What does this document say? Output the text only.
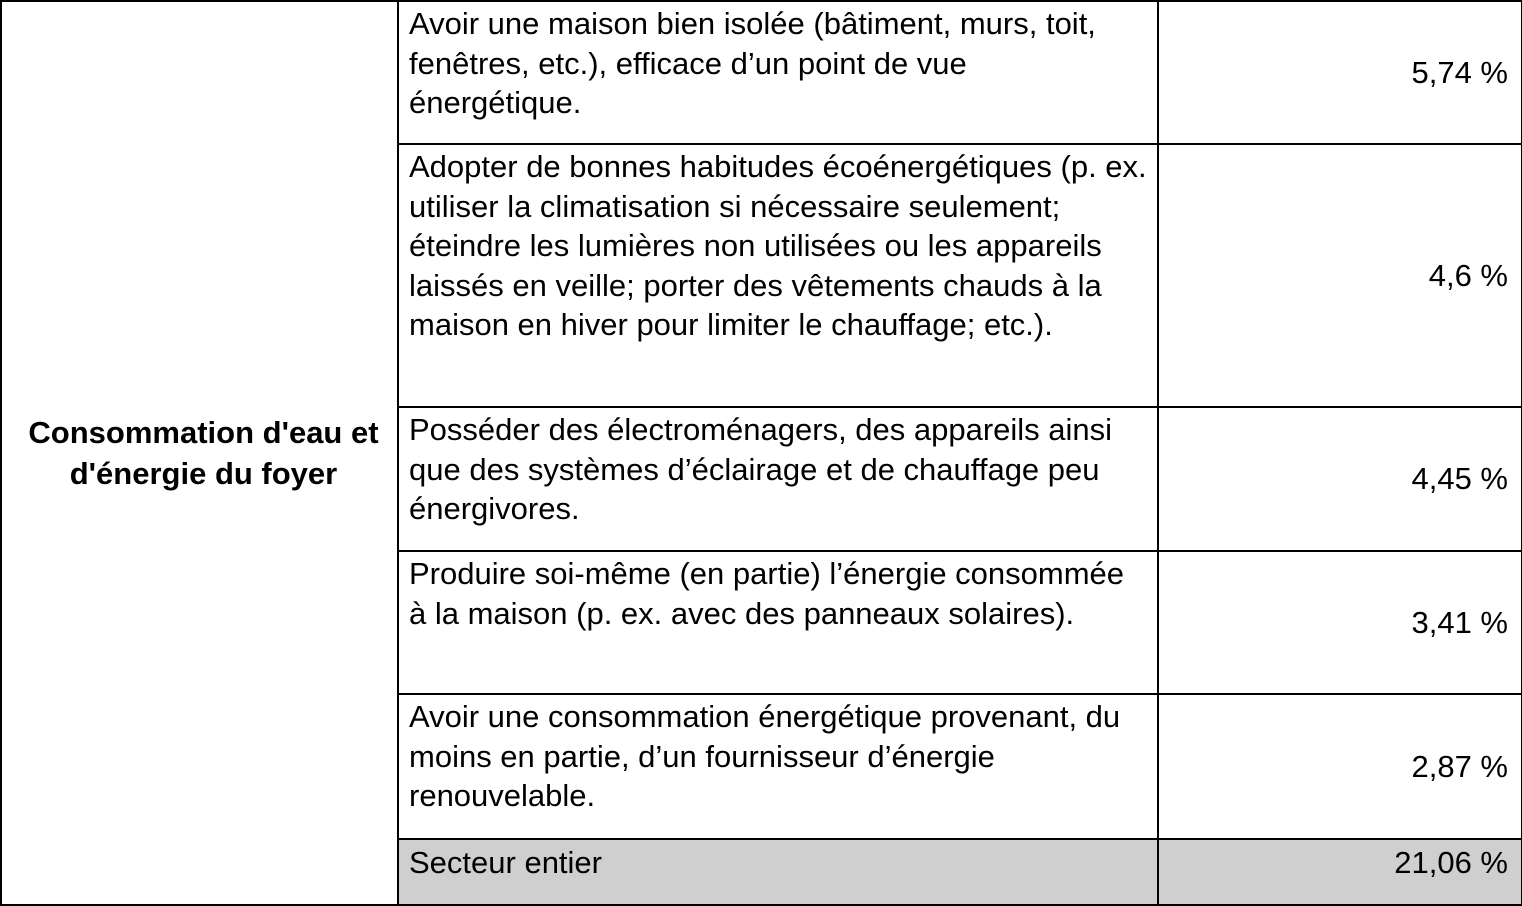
Consommation d'eau et d'énergie du foyer	Avoir une maison bien isolée (bâtiment, murs, toit, fenêtres, etc.), efficace d’un point de vue énergétique.	5,74 %
	Adopter de bonnes habitudes écoénergétiques (p. ex. utiliser la climatisation si nécessaire seulement; éteindre les lumières non utilisées ou les appareils laissés en veille; porter des vêtements chauds à la maison en hiver pour limiter le chauffage; etc.).	4,6 %
	Posséder des électroménagers, des appareils ainsi que des systèmes d’éclairage et de chauffage peu énergivores.	4,45 %
	Produire soi-même (en partie) l’énergie consommée à la maison (p. ex. avec des panneaux solaires).	3,41 %
	Avoir une consommation énergétique provenant, du moins en partie, d’un fournisseur d’énergie renouvelable.	2,87 %
	Secteur entier	21,06 %
